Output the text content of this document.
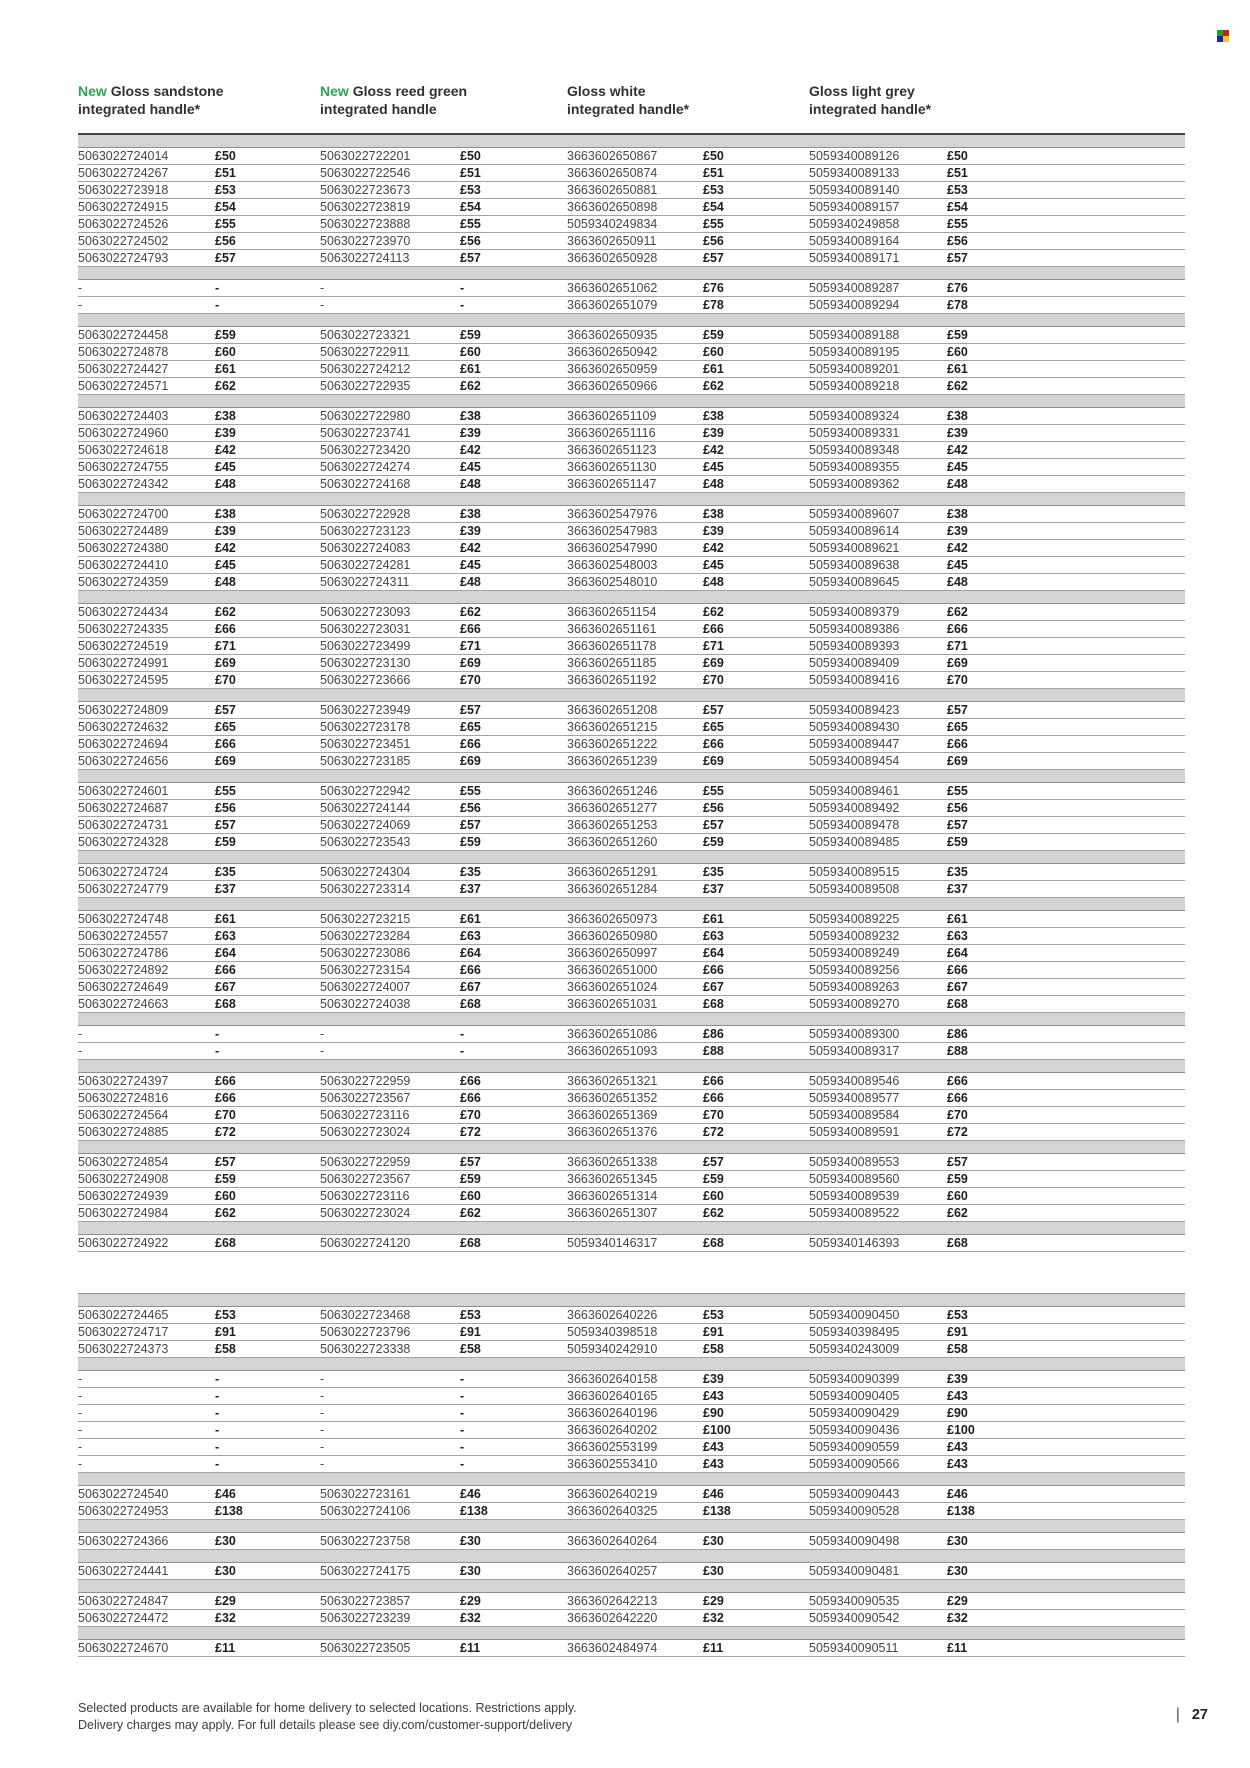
New Gloss sandstone
integrated handle*
New Gloss reed green
integrated handle
Gloss white
integrated handle*
Gloss light grey
integrated handle*
5063022724014	£50	5063022722201	£50	3663602650867	£50	5059340089126	£50
5063022724267	£51	5063022722546	£51	3663602650874	£51	5059340089133	£51
5063022723918	£53	5063022723673	£53	3663602650881	£53	5059340089140	£53
5063022724915	£54	5063022723819	£54	3663602650898	£54	5059340089157	£54
5063022724526	£55	5063022723888	£55	5059340249834	£55	5059340249858	£55
5063022724502	£56	5063022723970	£56	3663602650911	£56	5059340089164	£56
5063022724793	£57	5063022724113	£57	3663602650928	£57	5059340089171	£57
-	-	-	-	3663602651062	£76	5059340089287	£76
-	-	-	-	3663602651079	£78	5059340089294	£78
5063022724458	£59	5063022723321	£59	3663602650935	£59	5059340089188	£59
5063022724878	£60	5063022722911	£60	3663602650942	£60	5059340089195	£60
5063022724427	£61	5063022724212	£61	3663602650959	£61	5059340089201	£61
5063022724571	£62	5063022722935	£62	3663602650966	£62	5059340089218	£62
5063022724403	£38	5063022722980	£38	3663602651109	£38	5059340089324	£38
5063022724960	£39	5063022723741	£39	3663602651116	£39	5059340089331	£39
5063022724618	£42	5063022723420	£42	3663602651123	£42	5059340089348	£42
5063022724755	£45	5063022724274	£45	3663602651130	£45	5059340089355	£45
5063022724342	£48	5063022724168	£48	3663602651147	£48	5059340089362	£48
5063022724700	£38	5063022722928	£38	3663602547976	£38	5059340089607	£38
5063022724489	£39	5063022723123	£39	3663602547983	£39	5059340089614	£39
5063022724380	£42	5063022724083	£42	3663602547990	£42	5059340089621	£42
5063022724410	£45	5063022724281	£45	3663602548003	£45	5059340089638	£45
5063022724359	£48	5063022724311	£48	3663602548010	£48	5059340089645	£48
5063022724434	£62	5063022723093	£62	3663602651154	£62	5059340089379	£62
5063022724335	£66	5063022723031	£66	3663602651161	£66	5059340089386	£66
5063022724519	£71	5063022723499	£71	3663602651178	£71	5059340089393	£71
5063022724991	£69	5063022723130	£69	3663602651185	£69	5059340089409	£69
5063022724595	£70	5063022723666	£70	3663602651192	£70	5059340089416	£70
5063022724809	£57	5063022723949	£57	3663602651208	£57	5059340089423	£57
5063022724632	£65	5063022723178	£65	3663602651215	£65	5059340089430	£65
5063022724694	£66	5063022723451	£66	3663602651222	£66	5059340089447	£66
5063022724656	£69	5063022723185	£69	3663602651239	£69	5059340089454	£69
5063022724601	£55	5063022722942	£55	3663602651246	£55	5059340089461	£55
5063022724687	£56	5063022724144	£56	3663602651277	£56	5059340089492	£56
5063022724731	£57	5063022724069	£57	3663602651253	£57	5059340089478	£57
5063022724328	£59	5063022723543	£59	3663602651260	£59	5059340089485	£59
5063022724724	£35	5063022724304	£35	3663602651291	£35	5059340089515	£35
5063022724779	£37	5063022723314	£37	3663602651284	£37	5059340089508	£37
5063022724748	£61	5063022723215	£61	3663602650973	£61	5059340089225	£61
5063022724557	£63	5063022723284	£63	3663602650980	£63	5059340089232	£63
5063022724786	£64	5063022723086	£64	3663602650997	£64	5059340089249	£64
5063022724892	£66	5063022723154	£66	3663602651000	£66	5059340089256	£66
5063022724649	£67	5063022724007	£67	3663602651024	£67	5059340089263	£67
5063022724663	£68	5063022724038	£68	3663602651031	£68	5059340089270	£68
-	-	-	-	3663602651086	£86	5059340089300	£86
-	-	-	-	3663602651093	£88	5059340089317	£88
5063022724397	£66	5063022722959	£66	3663602651321	£66	5059340089546	£66
5063022724816	£66	5063022723567	£66	3663602651352	£66	5059340089577	£66
5063022724564	£70	5063022723116	£70	3663602651369	£70	5059340089584	£70
5063022724885	£72	5063022723024	£72	3663602651376	£72	5059340089591	£72
5063022724854	£57	5063022722959	£57	3663602651338	£57	5059340089553	£57
5063022724908	£59	5063022723567	£59	3663602651345	£59	5059340089560	£59
5063022724939	£60	5063022723116	£60	3663602651314	£60	5059340089539	£60
5063022724984	£62	5063022723024	£62	3663602651307	£62	5059340089522	£62
5063022724922	£68	5063022724120	£68	5059340146317	£68	5059340146393	£68
5063022724465	£53	5063022723468	£53	3663602640226	£53	5059340090450	£53
5063022724717	£91	5063022723796	£91	5059340398518	£91	5059340398495	£91
5063022724373	£58	5063022723338	£58	5059340242910	£58	5059340243009	£58
-	-	-	-	3663602640158	£39	5059340090399	£39
-	-	-	-	3663602640165	£43	5059340090405	£43
-	-	-	-	3663602640196	£90	5059340090429	£90
-	-	-	-	3663602640202	£100	5059340090436	£100
-	-	-	-	3663602553199	£43	5059340090559	£43
-	-	-	-	3663602553410	£43	5059340090566	£43
5063022724540	£46	5063022723161	£46	3663602640219	£46	5059340090443	£46
5063022724953	£138	5063022724106	£138	3663602640325	£138	5059340090528	£138
5063022724366	£30	5063022723758	£30	3663602640264	£30	5059340090498	£30
5063022724441	£30	5063022724175	£30	3663602640257	£30	5059340090481	£30
5063022724847	£29	5063022723857	£29	3663602642213	£29	5059340090535	£29
5063022724472	£32	5063022723239	£32	3663602642220	£32	5059340090542	£32
5063022724670	£11	5063022723505	£11	3663602484974	£11	5059340090511	£11
Selected products are available for home delivery to selected locations. Restrictions apply.
Delivery charges may apply. For full details please see diy.com/customer-support/delivery
| 27
